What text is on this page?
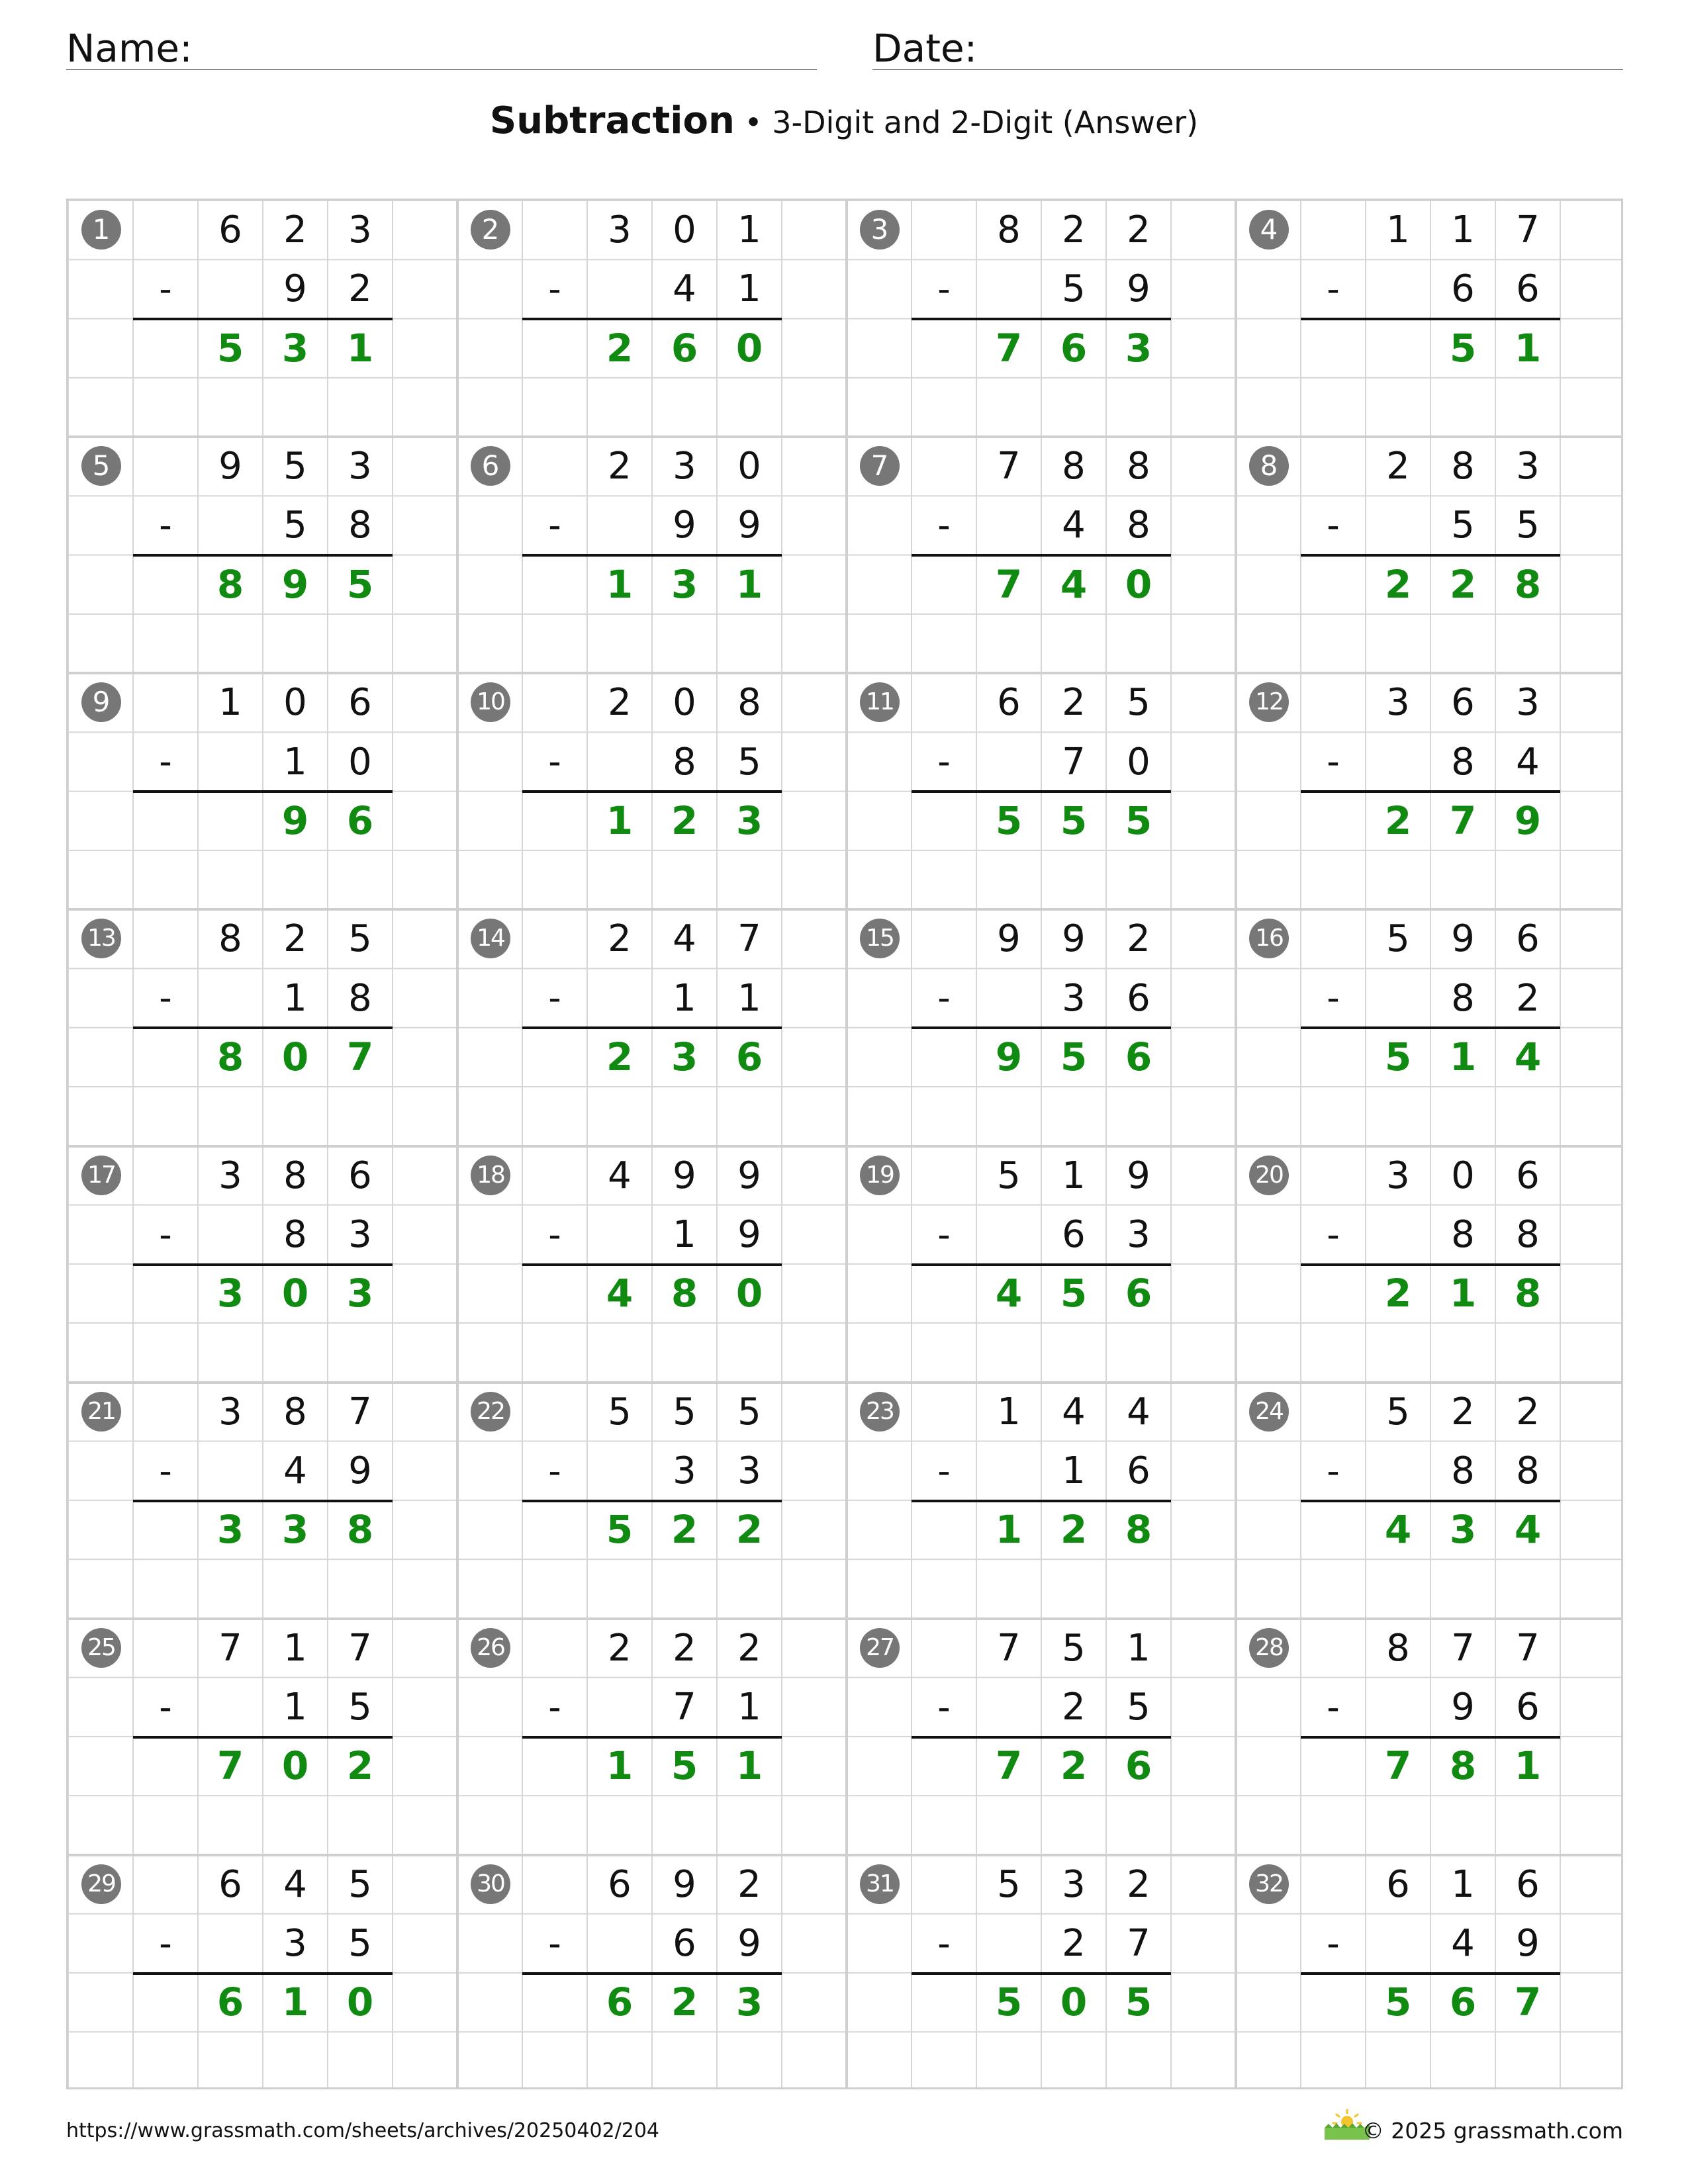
Name:	Date:
Subtraction • 3-Digit and 2-Digit (Answer)
1	6	2	3
-	9	2
5 3 1
2	3	0	1
-	4	1
2 6 0
3	8	2	2
-	5	9
7 6 3
4	1	1	7
-	6	6
5 1
5	9	5	3
-	5	8
8 9 5
6	2	3	0
-	9	9
1 3 1
7	7	8	8
-	4	8
7 4 0
8	2	8	3
-	5	5
2 2 8
9	1	0	6
-	1	0
9 6
10	2	0	8
-	8	5
1 2 3
11	6	2	5
-	7	0
5 5 5
12	3	6	3
-	8	4
2 7 9
13	8	2	5
-	1	8
8 0 7
14	2	4	7
-	1	1
2 3 6
15	9	9	2
-	3	6
9 5 6
16	5	9	6
-	8	2
5 1 4
17	3	8	6
-	8	3
3 0 3
18	4	9	9
-	1	9
4 8 0
19	5	1	9
-	6	3
4 5 6
20	3	0	6
-	8	8
2 1 8
21	3	8	7
-	4	9
3 3 8
22	5	5	5
-	3	3
5 2 2
23	1	4	4
-	1	6
1 2 8
24	5	2	2
-	8	8
4 3 4
25	7	1	7
-	1	5
7 0 2
26	2	2	2
-	7	1
1 5 1
27	7	5	1
-	2	5
7 2 6
28	8	7	7
-	9	6
7 8 1
29	6	4	5
-	3	5
6 1 0
30	6	9	2
-	6	9
6 2 3
31	5	3	2
-	2	7
5 0 5
32	6	1	6
-	4	9
5 6 7
https://www.grassmath.com/sheets/archives/20250402/204	© 2025 grassmath.com
